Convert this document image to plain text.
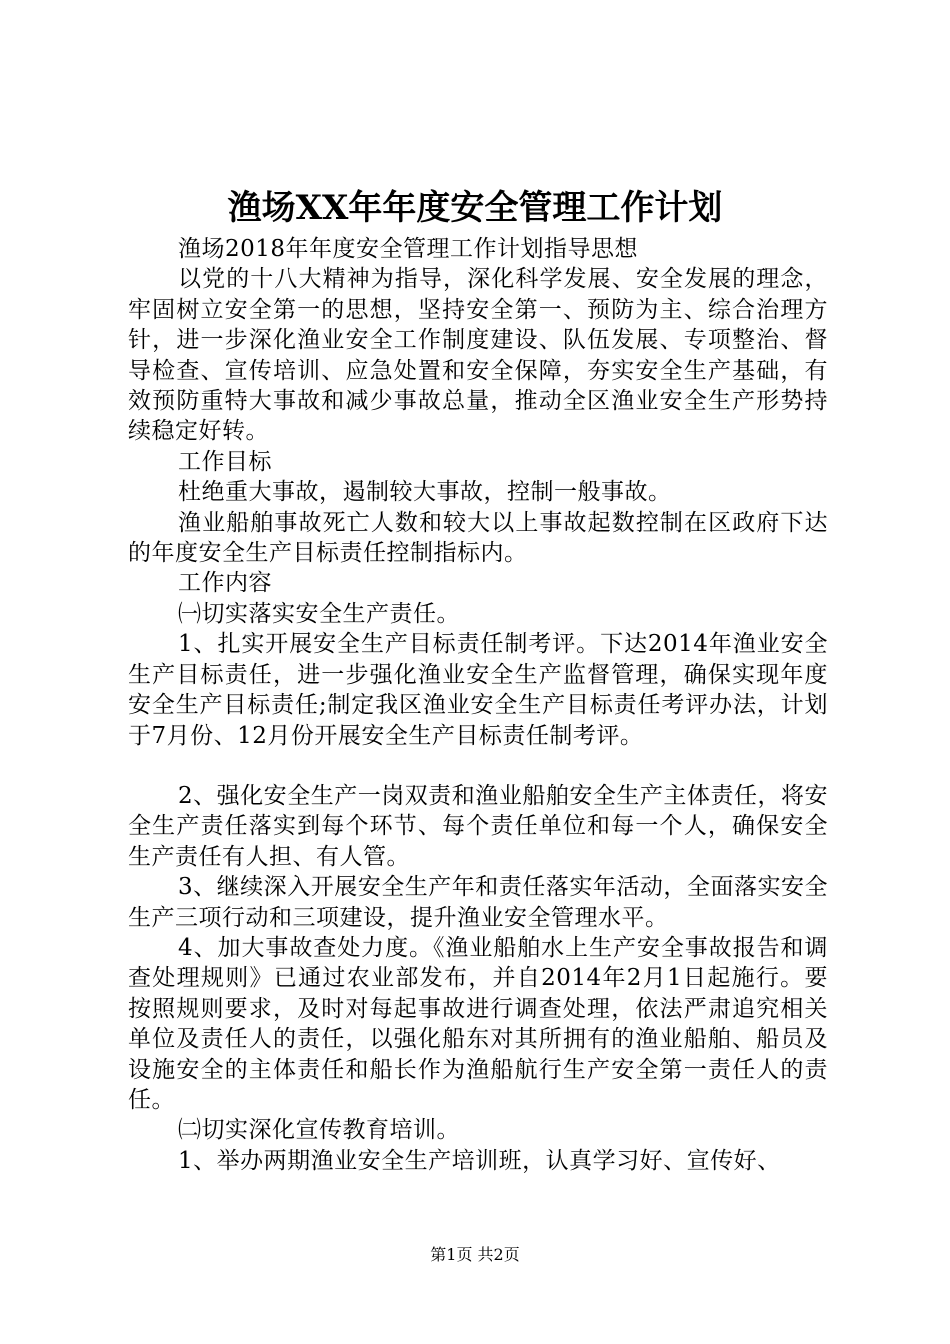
渔场XX年年度安全管理工作计划

渔场2018年年度安全管理工作计划指导思想

以党的十八大精神为指导，深化科学发展、安全发展的理念，牢固树立安全第一的思想，坚持安全第一、预防为主、综合治理方针，进一步深化渔业安全工作制度建设、队伍发展、专项整治、督导检查、宣传培训、应急处置和安全保障，夯实安全生产基础，有效预防重特大事故和减少事故总量，推动全区渔业安全生产形势持续稳定好转。

工作目标

杜绝重大事故，遏制较大事故，控制一般事故。

渔业船舶事故死亡人数和较大以上事故起数控制在区政府下达的年度安全生产目标责任控制指标内。

工作内容

㈠切实落实安全生产责任。

1、扎实开展安全生产目标责任制考评。下达2014年渔业安全生产目标责任，进一步强化渔业安全生产监督管理，确保实现年度安全生产目标责任;制定我区渔业安全生产目标责任考评办法，计划于7月份、12月份开展安全生产目标责任制考评。

2、强化安全生产一岗双责和渔业船舶安全生产主体责任，将安全生产责任落实到每个环节、每个责任单位和每一个人，确保安全生产责任有人担、有人管。

3、继续深入开展安全生产年和责任落实年活动，全面落实安全生产三项行动和三项建设，提升渔业安全管理水平。

4、加大事故查处力度。《渔业船舶水上生产安全事故报告和调查处理规则》已通过农业部发布，并自2014年2月1日起施行。要按照规则要求，及时对每起事故进行调查处理，依法严肃追究相关单位及责任人的责任，以强化船东对其所拥有的渔业船舶、船员及设施安全的主体责任和船长作为渔船航行生产安全第一责任人的责任。

㈡切实深化宣传教育培训。

1、举办两期渔业安全生产培训班，认真学习好、宣传好、

第1页 共2页
